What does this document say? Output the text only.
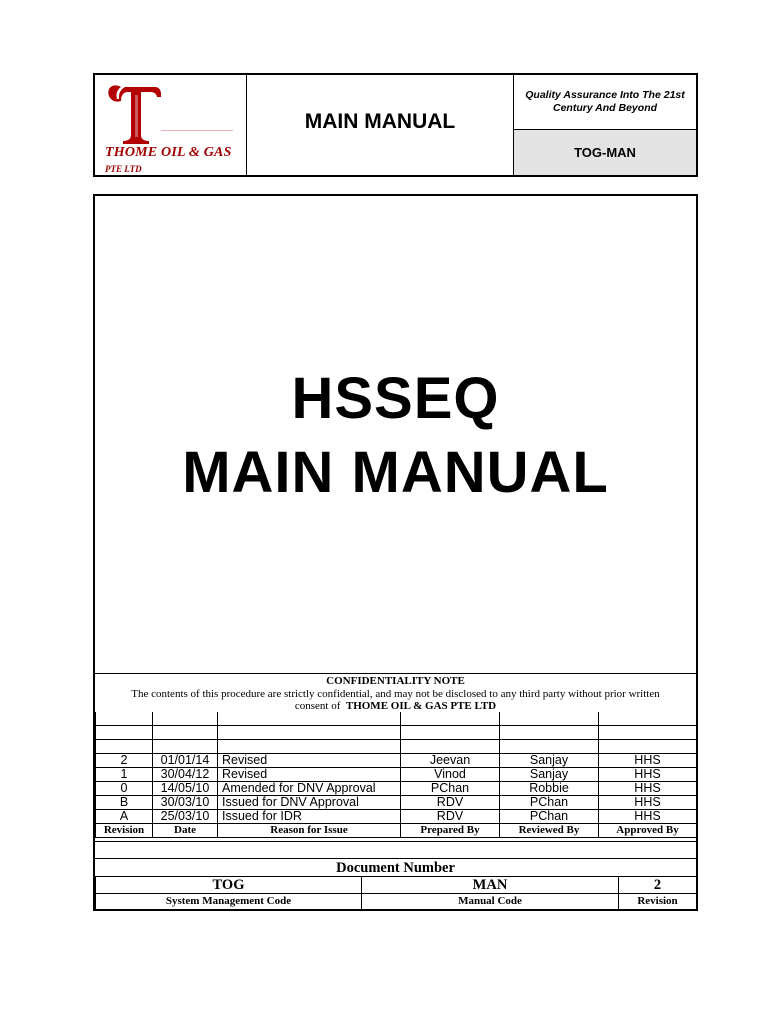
THOME OIL & GAS
PTE LTD
MAIN MANUAL
Quality Assurance Into The 21st Century And Beyond
TOG-MAN
HSSEQ
MAIN MANUAL
CONFIDENTIALITY NOTE
The contents of this procedure are strictly confidential, and may not be disclosed to any third party without prior written
consent of THOME OIL & GAS PTE LTD

2	01/01/14	Revised	Jeevan	Sanjay	HHS
1	30/04/12	Revised	Vinod	Sanjay	HHS
0	14/05/10	Amended for DNV Approval	PChan	Robbie	HHS
B	30/03/10	Issued for DNV Approval	RDV	PChan	HHS
A	25/03/10	Issued for IDR	RDV	PChan	HHS
Revision	Date	Reason for Issue	Prepared By	Reviewed By	Approved By
Document Number
TOG	MAN	2
System Management Code	Manual Code	Revision
